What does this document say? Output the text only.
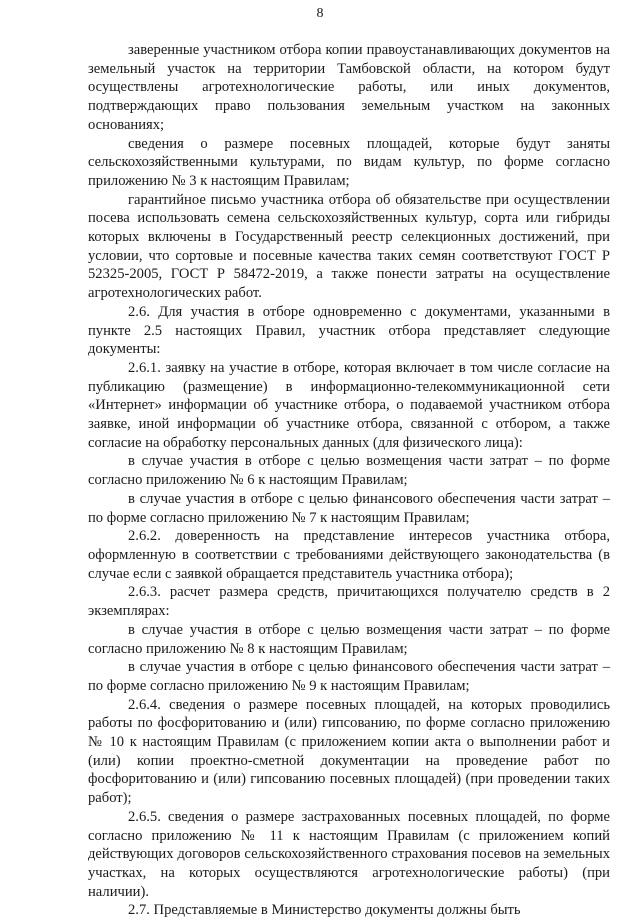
8

заверенные участником отбора копии правоустанавливающих документов на земельный участок на территории Тамбовской области, на котором будут осуществлены агротехнологические работы, или иных документов, подтверждающих право пользования земельным участком на законных основаниях;

сведения о размере посевных площадей, которые будут заняты сельскохозяйственными культурами, по видам культур, по форме согласно приложению № 3 к настоящим Правилам;

гарантийное письмо участника отбора об обязательстве при осуществлении посева использовать семена сельскохозяйственных культур, сорта или гибриды которых включены в Государственный реестр селекционных достижений, при условии, что сортовые и посевные качества таких семян соответствуют ГОСТ Р 52325-2005, ГОСТ Р 58472-2019, а также понести затраты на осуществление агротехнологических работ.

2.6. Для участия в отборе одновременно с документами, указанными в пункте 2.5 настоящих Правил, участник отбора представляет следующие документы:

2.6.1. заявку на участие в отборе, которая включает в том числе согласие на публикацию (размещение) в информационно-телекоммуникационной сети «Интернет» информации об участнике отбора, о подаваемой участником отбора заявке, иной информации об участнике отбора, связанной с отбором, а также согласие на обработку персональных данных (для физического лица):

в случае участия в отборе с целью возмещения части затрат – по форме согласно приложению № 6 к настоящим Правилам;

в случае участия в отборе с целью финансового обеспечения части затрат – по форме согласно приложению № 7 к настоящим Правилам;

2.6.2. доверенность на представление интересов участника отбора, оформленную в соответствии с требованиями действующего законодательства (в случае если с заявкой обращается представитель участника отбора);

2.6.3. расчет размера средств, причитающихся получателю средств в 2 экземплярах:

в случае участия в отборе с целью возмещения части затрат – по форме согласно приложению № 8 к настоящим Правилам;

в случае участия в отборе с целью финансового обеспечения части затрат – по форме согласно приложению № 9 к настоящим Правилам;

2.6.4. сведения о размере посевных площадей, на которых проводились работы по фосфоритованию и (или) гипсованию, по форме согласно приложению № 10 к настоящим Правилам (с приложением копии акта о выполнении работ и (или) копии проектно-сметной документации на проведение работ по фосфоритованию и (или) гипсованию посевных площадей) (при проведении таких работ);

2.6.5. сведения о размере застрахованных посевных площадей, по форме согласно приложению № 11 к настоящим Правилам (с приложением копий действующих договоров сельскохозяйственного страхования посевов на земельных участках, на которых осуществляются агротехнологические работы) (при наличии).

2.7. Представляемые в Министерство документы должны быть
